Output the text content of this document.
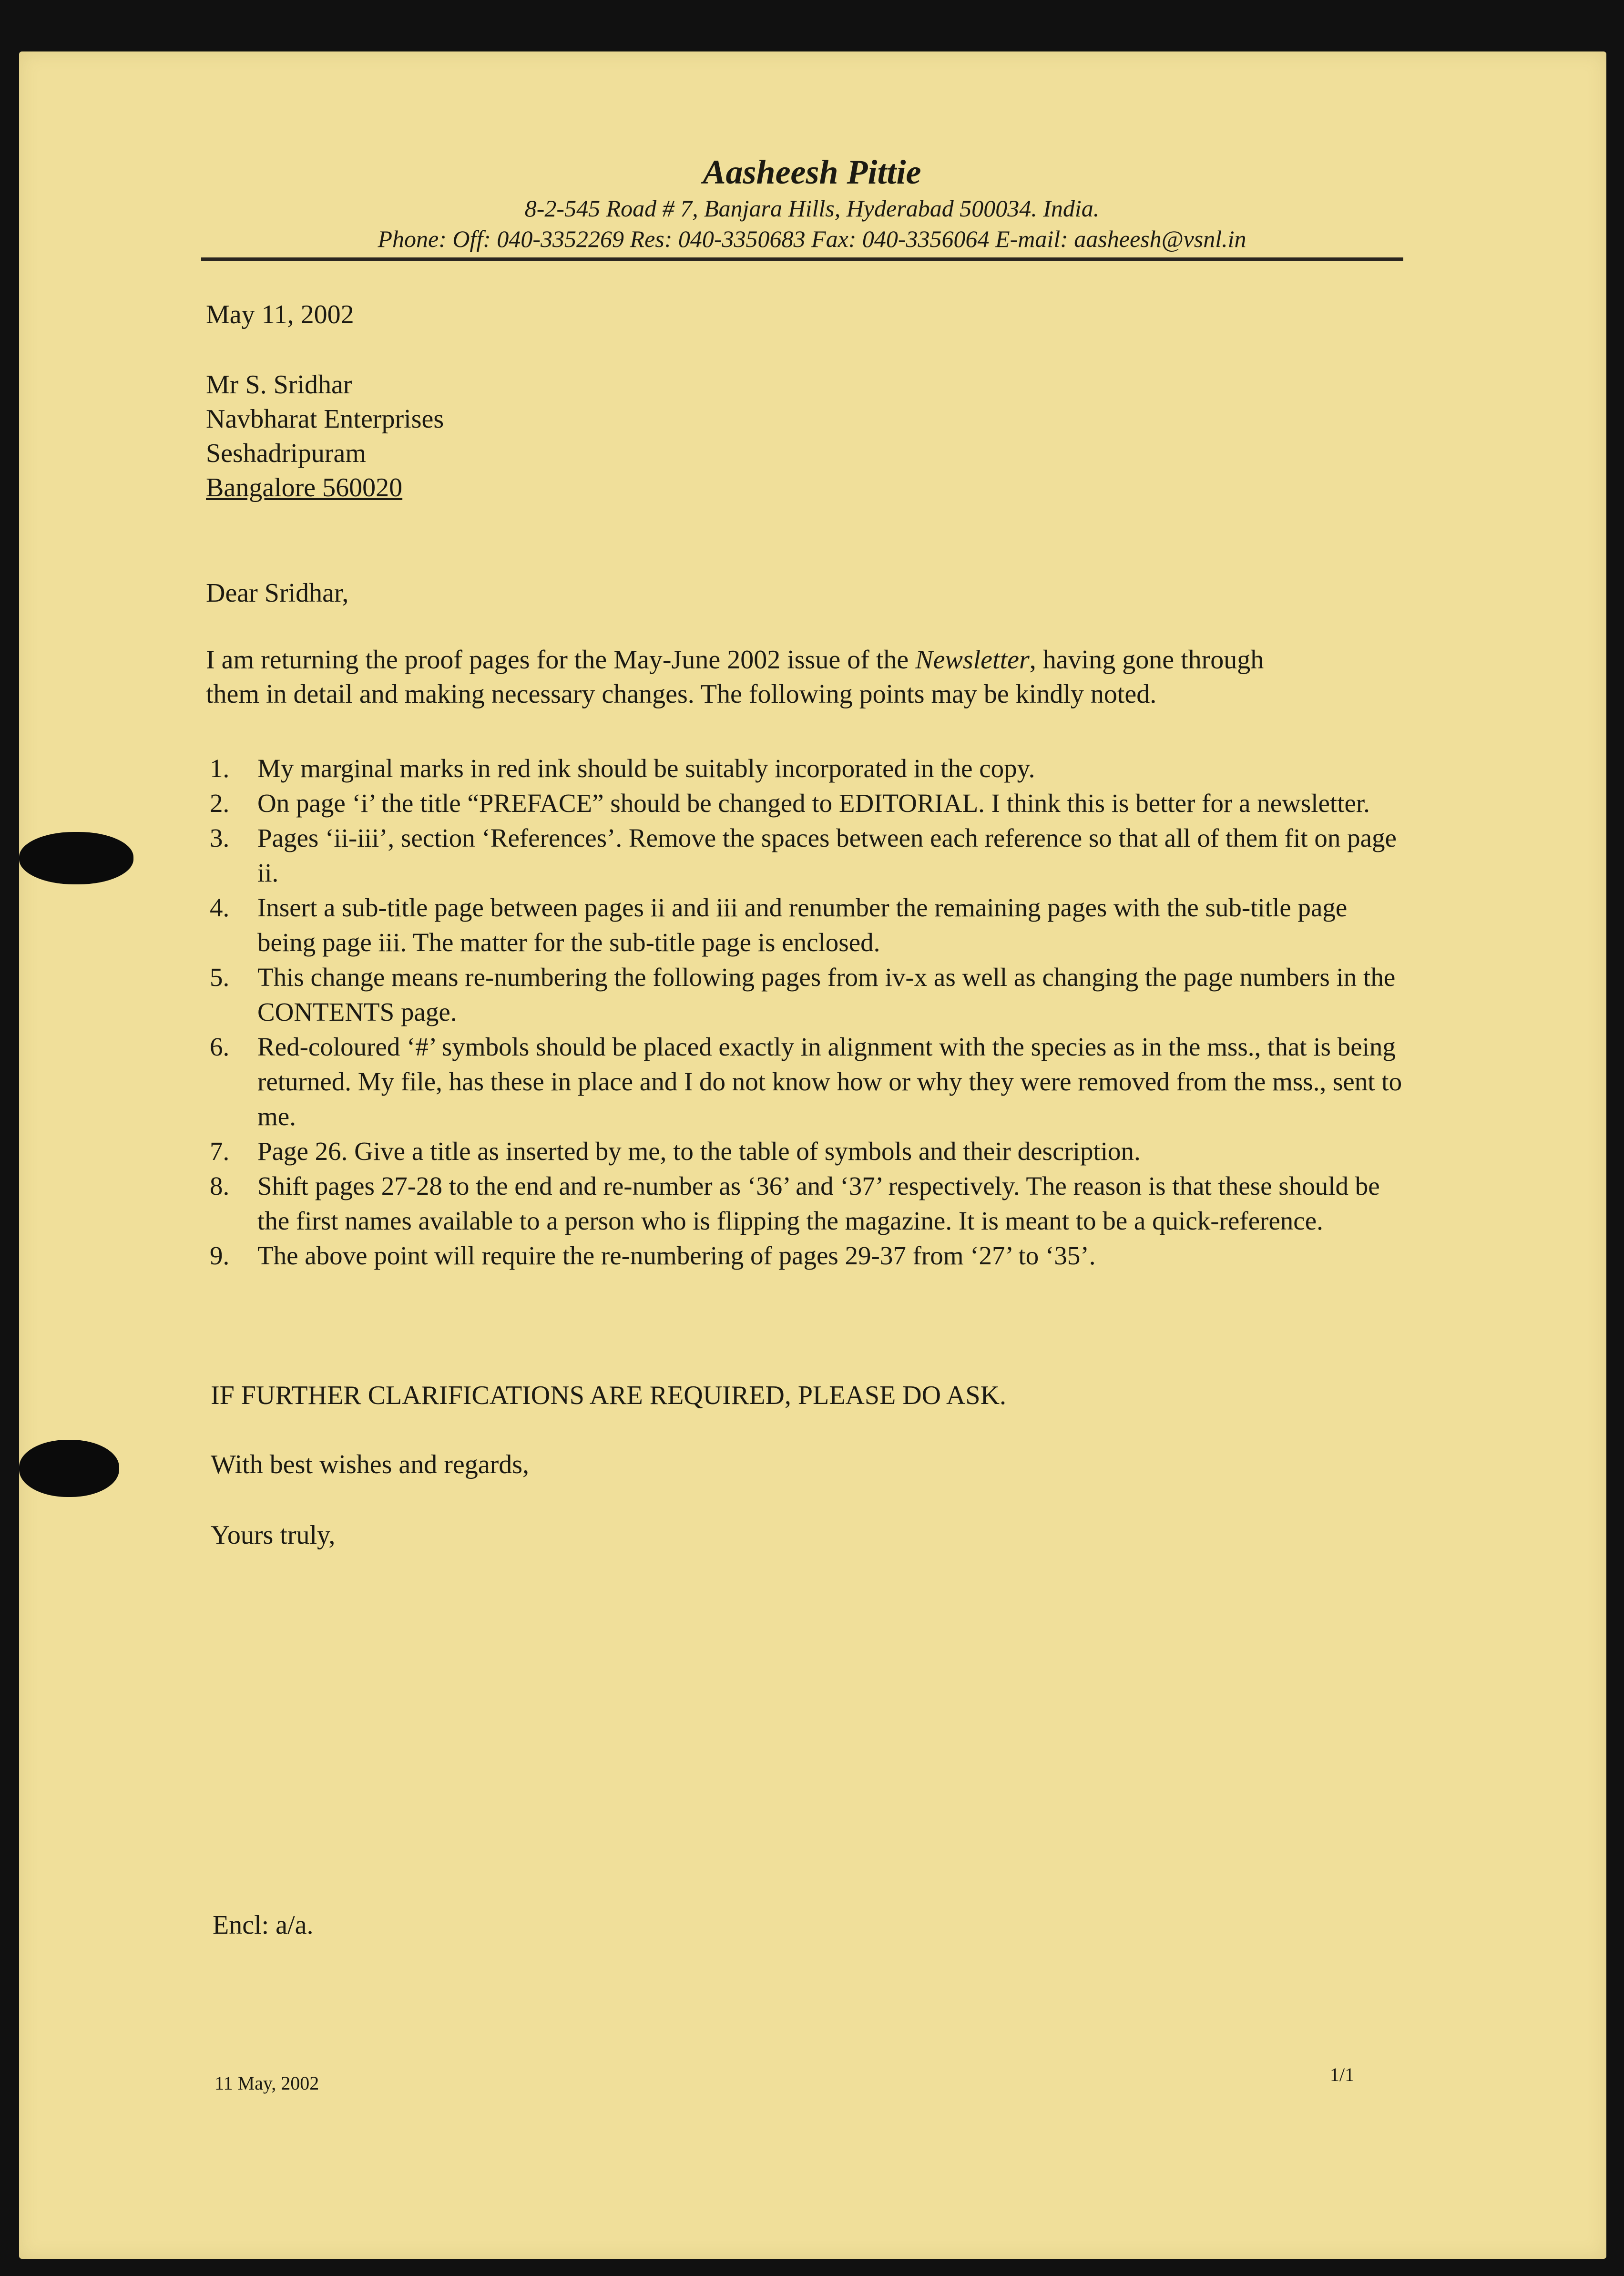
Aasheesh Pittie
8-2-545 Road # 7, Banjara Hills, Hyderabad 500034. India.
Phone: Off: 040-3352269 Res: 040-3350683 Fax: 040-3356064 E-mail: aasheesh@vsnl.in
May 11, 2002
Mr S. Sridhar
Navbharat Enterprises
Seshadripuram
Bangalore 560020
Dear Sridhar,
I am returning the proof pages for the May-June 2002 issue of the Newsletter, having gone through
them in detail and making necessary changes. The following points may be kindly noted.
1. My marginal marks in red ink should be suitably incorporated in the copy.
2. On page ‘i’ the title “PREFACE” should be changed to EDITORIAL. I think this is better for a newsletter.
3. Pages ‘ii-iii’, section ‘References’. Remove the spaces between each reference so that all of them fit on page ii.
4. Insert a sub-title page between pages ii and iii and renumber the remaining pages with the sub-title page being page iii. The matter for the sub-title page is enclosed.
5. This change means re-numbering the following pages from iv-x as well as changing the page numbers in the CONTENTS page.
6. Red-coloured ‘#’ symbols should be placed exactly in alignment with the species as in the mss., that is being returned. My file, has these in place and I do not know how or why they were removed from the mss., sent to me.
7. Page 26. Give a title as inserted by me, to the table of symbols and their description.
8. Shift pages 27-28 to the end and re-number as ‘36’ and ‘37’ respectively. The reason is that these should be the first names available to a person who is flipping the magazine. It is meant to be a quick-reference.
9. The above point will require the re-numbering of pages 29-37 from ‘27’ to ‘35’.
IF FURTHER CLARIFICATIONS ARE REQUIRED, PLEASE DO ASK.
With best wishes and regards,
Yours truly,
Encl: a/a.
11 May, 2002	1/1
